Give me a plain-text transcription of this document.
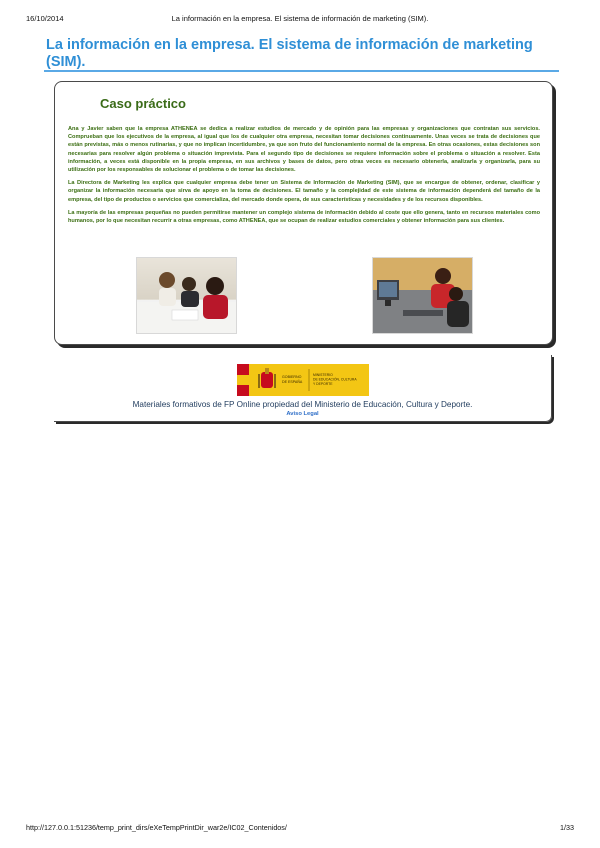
16/10/2014	La información en la empresa. El sistema de información de marketing (SIM).
La información en la empresa. El sistema de información de marketing (SIM).
Caso práctico

Ana y Javier saben que la empresa ATHENEA se dedica a realizar estudios de mercado y de opinión para las empresas y organizaciones que contratan sus servicios. Comprueban que los ejecutivos de la empresa, al igual que los de cualquier otra empresa, necesitan tomar decisiones continuamente. Unas veces se trata de decisiones que están previstas, más o menos rutinarias, y que no implican incertidumbre, ya que son fruto del funcionamiento normal de la empresa. En otras ocasiones, estas decisiones son necesarias para resolver algún problema o situación imprevista. Para el segundo tipo de decisiones se requiere información sobre el problema o situación a resolver. Esta información, a veces está disponible en la propia empresa, en sus archivos y bases de datos, pero otras veces es necesario obtenerla, analizarla y organizarla, para su utilización por los responsables de solucionar el problema o de tomar las decisiones.

La Directora de Marketing les explica que cualquier empresa debe tener un Sistema de Información de Marketing (SIM), que se encargue de obtener, ordenar, clasificar y organizar la información necesaria que sirva de apoyo en la toma de decisiones. El tamaño y la complejidad de este sistema de información dependerá del tamaño de la empresa, del tipo de productos o servicios que comercializa, del mercado donde opera, de sus características y necesidades y de los recursos disponibles.

La mayoría de las empresas pequeñas no pueden permitirse mantener un complejo sistema de información debido al coste que ello genera, tanto en recursos materiales como humanos, por lo que necesitan recurrir a otras empresas, como ATHENEA, que se ocupan de realizar estudios comerciales y obtener información para sus clientes.

GOBIERNO
DE ESPAÑA
MINISTERIO
DE EDUCACIÓN, CULTURA
Y DEPORTE
Materiales formativos de FP Online propiedad del Ministerio de Educación, Cultura y Deporte.
Aviso Legal
http://127.0.0.1:51236/temp_print_dirs/eXeTempPrintDir_war2e/IC02_Contenidos/	1/33
